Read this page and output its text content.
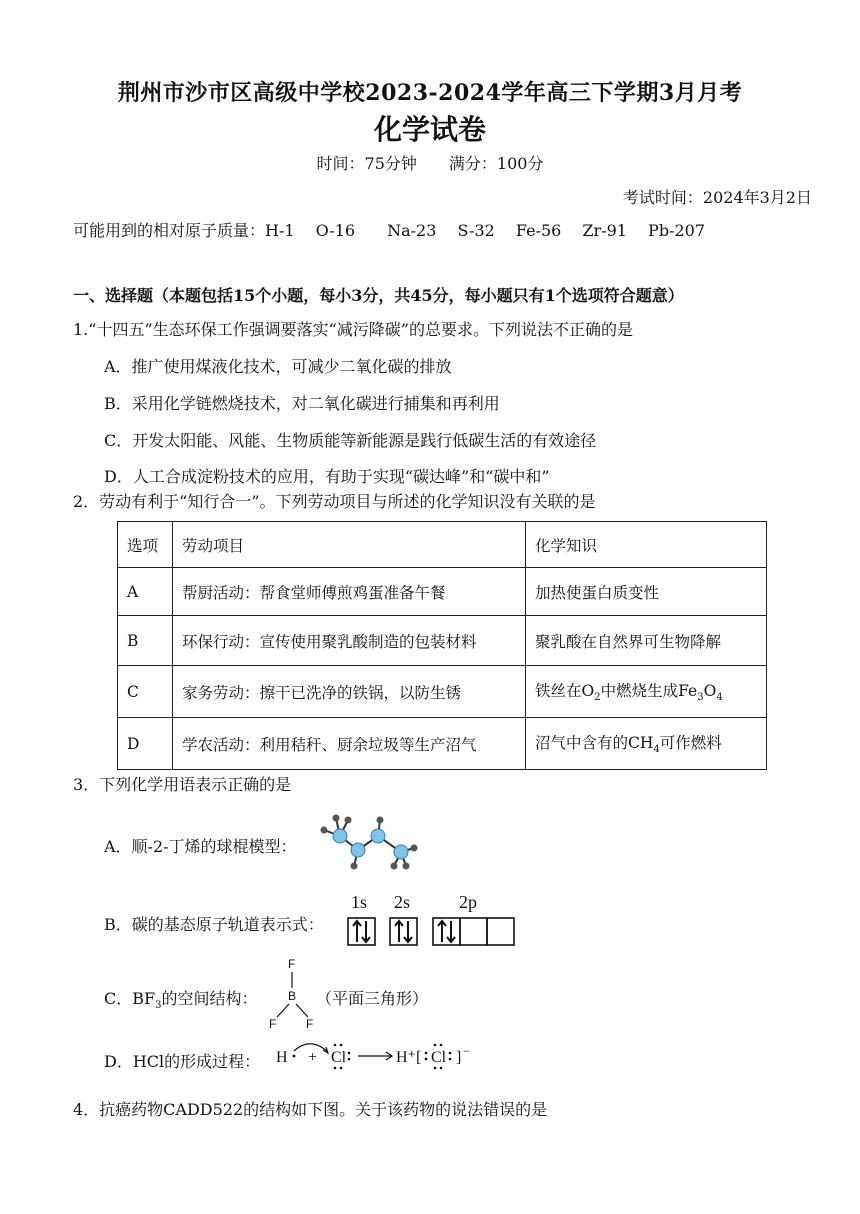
荆州市沙市区高级中学校2023-2024学年高三下学期3月月考
化学试卷
时间：75分钟　　满分：100分
考试时间：2024年3月2日
可能用到的相对原子质量：H-1　 O-16　　Na-23　 S-32　 Fe-56　 Zr-91　 Pb-207
一、选择题（本题包括15个小题，每小3分，共45分，每小题只有1个选项符合题意）
1.“十四五”生态环保工作强调要落实“减污降碳”的总要求。下列说法不正确的是
A．推广使用煤液化技术，可减少二氧化碳的排放
B．采用化学链燃烧技术，对二氧化碳进行捕集和再利用
C．开发太阳能、风能、生物质能等新能源是践行低碳生活的有效途径
D．人工合成淀粉技术的应用，有助于实现“碳达峰”和“碳中和”
2．劳动有利于“知行合一”。下列劳动项目与所述的化学知识没有关联的是
选项	劳动项目	化学知识
A	帮厨活动：帮食堂师傅煎鸡蛋准备午餐	加热使蛋白质变性
B	环保行动：宣传使用聚乳酸制造的包装材料	聚乳酸在自然界可生物降解
C	家务劳动：擦干已洗净的铁锅，以防生锈	铁丝在$O_2$中燃烧生成$Fe_3O_4$
D	学农活动：利用秸秆、厨余垃圾等生产沼气	沼气中含有的$CH_4$可作燃料
3．下列化学用语表示正确的是
A．顺-2-丁烯的球棍模型：
B．碳的基态原子轨道表示式：
1s 2s	2p
C．$BF_3$的空间结构：
F
B
F F
（平面三角形）
D．HCl的形成过程： H + Cl	H⁺ [ Cl ] −
4．抗癌药物CADD522的结构如下图。关于该药物的说法错误的是
